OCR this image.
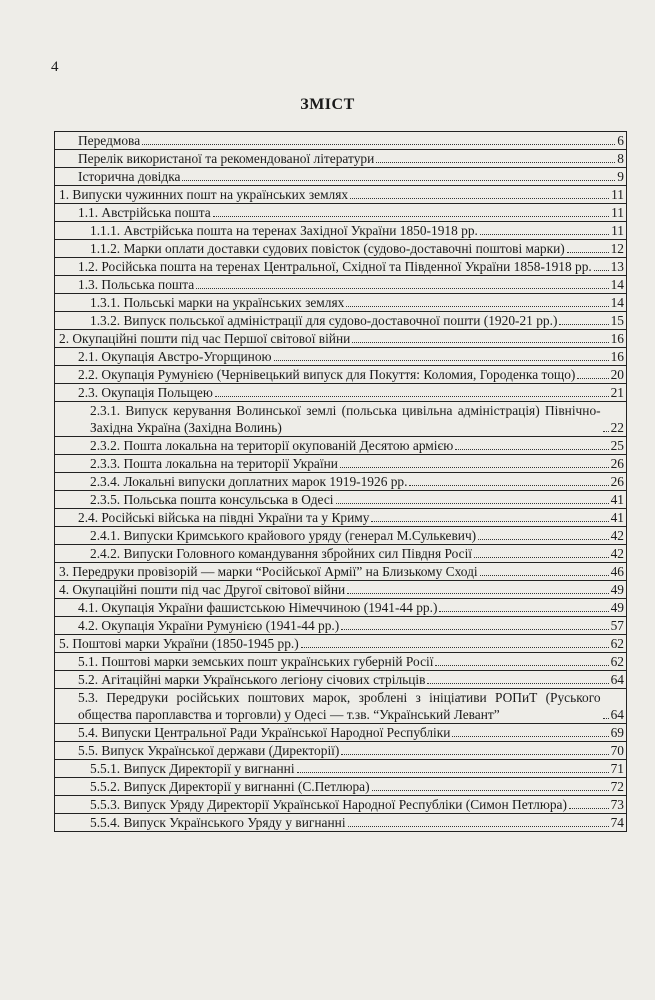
4
ЗМІСТ
Передмова	6
Перелік використаної та рекомендованої літератури	8
Історична довідка	9
1. Випуски чужинних пошт на українських землях	11
1.1. Австрійська пошта	11
1.1.1. Австрійська пошта на теренах Західної України 1850-1918 рр.	11
1.1.2. Марки оплати доставки судових повісток (судово-доставочні поштові марки)	12
1.2. Російська пошта на теренах Центральної, Східної та Південної України 1858-1918 рр. 13
1.3. Польська пошта	14
1.3.1. Польські марки на українських землях	14
1.3.2. Випуск польської адміністрації для судово-доставочної пошти (1920-21 рр.)	15
2. Окупаційні пошти під час Першої світової війни	16
2.1. Окупація Австро-Угорщиною	16
2.2. Окупація Румунією (Чернівецький випуск для Покуття: Коломия, Городенка тощо)	20
2.3. Окупація Польщею	21
2.3.1. Випуск керування Волинської землі (польська цивільна адміністрація) Північно-Західна Україна (Західна Волинь)	22
2.3.2. Пошта локальна на території окупованій Десятою армією	25
2.3.3. Пошта локальна на території України	26
2.3.4. Локальні випуски доплатних марок 1919-1926 рр.	26
2.3.5. Польська пошта консульська в Одесі	41
2.4. Російські війська на півдні України та у Криму	41
2.4.1. Випуски Кримського крайового уряду (генерал М.Сулькевич)	42
2.4.2. Випуски Головного командування збройних сил Півдня Росії	42
3. Передруки провізорій — марки “Російської Армії” на Близькому Сході	46
4. Окупаційні пошти під час Другої світової війни	49
4.1. Окупація України фашистською Німеччиною (1941-44 рр.)	49
4.2. Окупація України Румунією (1941-44 рр.)	57
5. Поштові марки України (1850-1945 рр.)	62
5.1. Поштові марки земських пошт українських губерній Росії	62
5.2. Агітаційні марки Українського легіону січових стрільців	64
5.3. Передруки російських поштових марок, зроблені з ініціативи РОПиТ (Руського общества пароплавства и торговли) у Одесі — т.зв. “Український Левант”	64
5.4. Випуски Центральної Ради Української Народної Республіки	69
5.5. Випуск Української держави (Директорії)	70
5.5.1. Випуск Директорії у вигнанні	71
5.5.2. Випуск Директорії у вигнанні (С.Петлюра)	72
5.5.3. Випуск Уряду Директорії Української Народної Республіки (Симон Петлюра)	73
5.5.4. Випуск Українського Уряду у вигнанні	74
